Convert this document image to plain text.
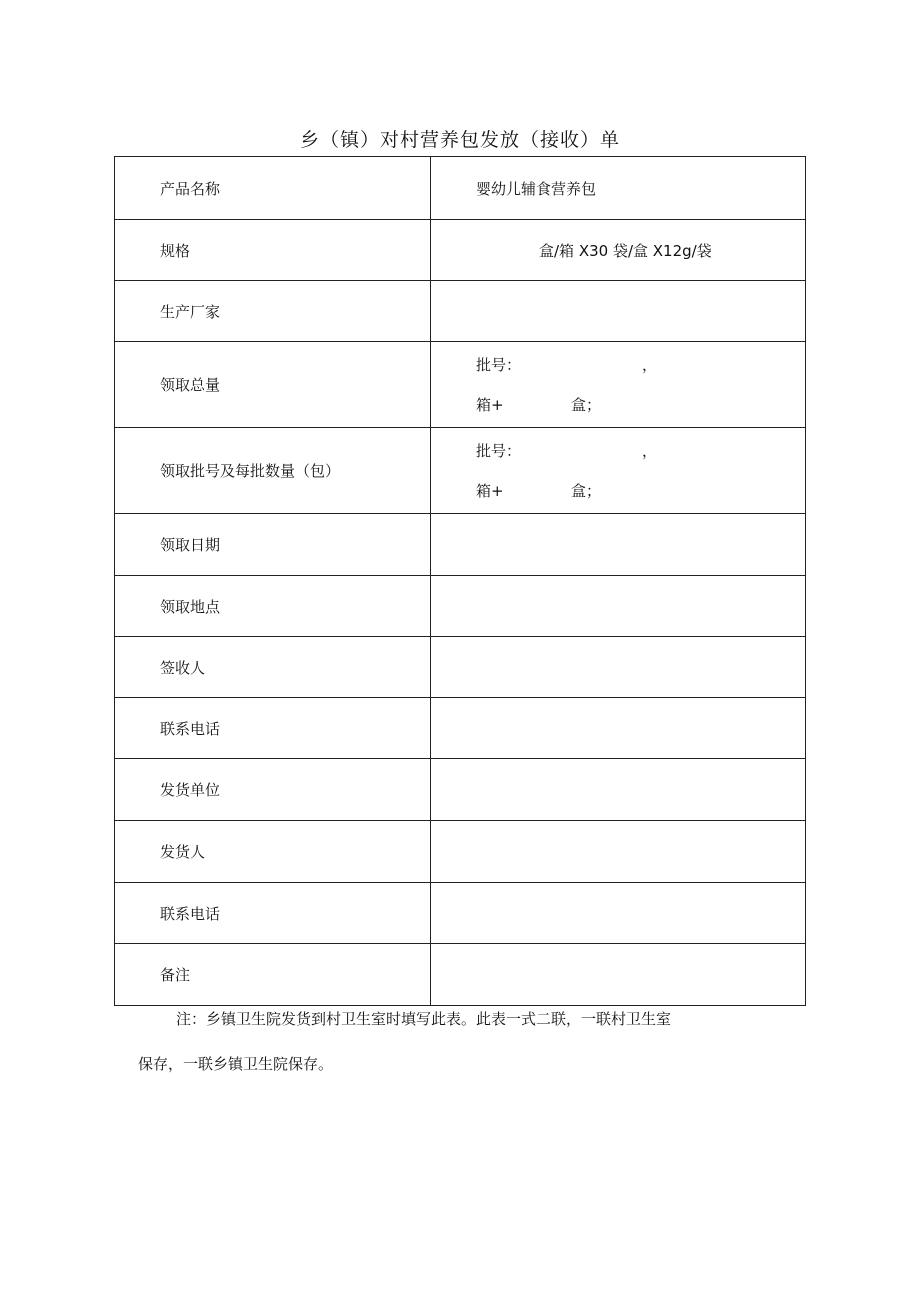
乡（镇）对村营养包发放（接收）单
产品名称	婴幼儿辅食营养包
规格	盒/箱 X30 袋/盒 X12g/袋
生产厂家	
领取总量	批号： ，
箱+ 盒；

领取批号及每批数量（包）	批号： ，
箱+ 盒；

领取日期	
领取地点	
签收人	
联系电话	
发货单位	
发货人	
联系电话	
备注	
注：乡镇卫生院发货到村卫生室时填写此表。此表一式二联，一联村卫生室
保存，一联乡镇卫生院保存。
